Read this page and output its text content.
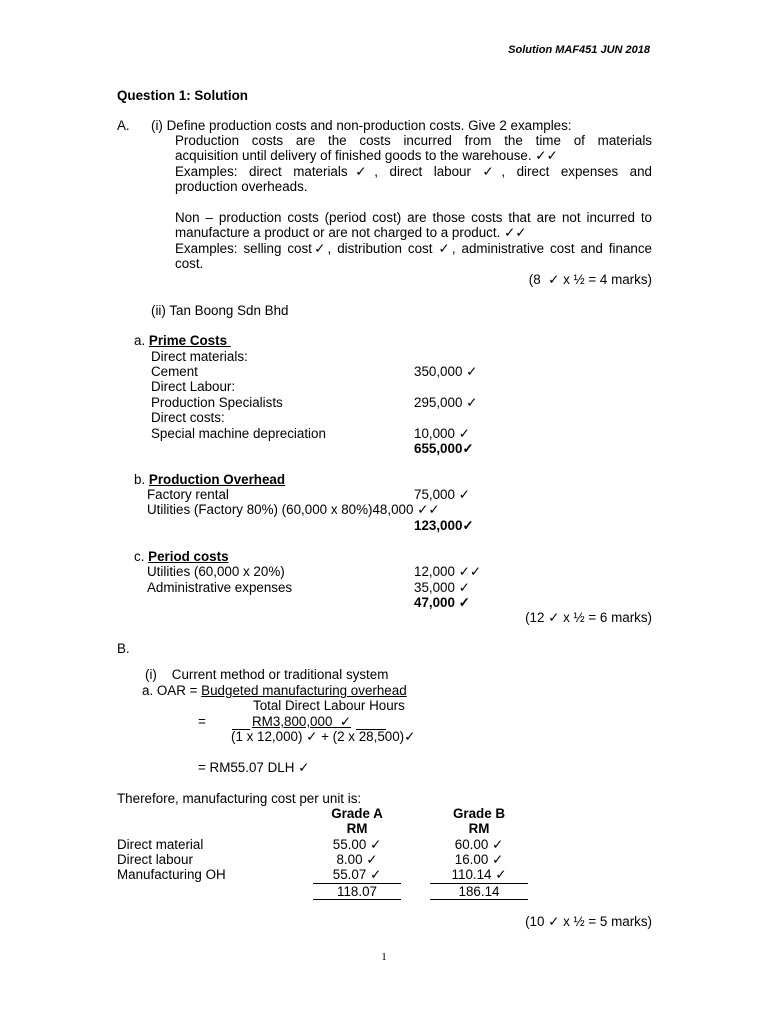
Solution MAF451 JUN 2018
Question 1: Solution
A. (i) Define production costs and non-production costs. Give 2 examples:
Production costs are the costs incurred from the time of materials
acquisition until delivery of finished goods to the warehouse. ✓✓
Examples: direct materials✓, direct labour ✓, direct expenses and
production overheads.
Non – production costs (period cost) are those costs that are not incurred to
manufacture a product or are not charged to a product. ✓✓
Examples: selling cost✓, distribution cost ✓, administrative cost and finance
cost.
(8  ✓ x ½ = 4 marks)
(ii) Tan Boong Sdn Bhd
a. Prime Costs
Direct materials:
Cement	350,000 ✓
Direct Labour:
Production Specialists	295,000 ✓
Direct costs:
Special machine depreciation	10,000 ✓
655,000✓
b. Production Overhead
Factory rental	75,000 ✓
Utilities (Factory 80%) (60,000 x 80%)48,000 ✓✓
123,000✓
c. Period costs
Utilities (60,000 x 20%)	12,000 ✓✓
Administrative expenses	35,000 ✓
47,000 ✓
(12 ✓ x ½ = 6 marks)
B.
(i)    Current method or traditional system
a. OAR = Budgeted manufacturing overhead
Total Direct Labour Hours
=	RM3,800,000  ✓
(1 x 12,000) ✓ + (2 x 28,500)✓
= RM55.07 DLH ✓
Therefore, manufacturing cost per unit is:
Grade A	Grade B
RM	RM
Direct material	55.00 ✓	60.00 ✓
Direct labour	8.00 ✓	16.00 ✓
Manufacturing OH	55.07 ✓	110.14 ✓
118.07	186.14
(10 ✓ x ½ = 5 marks)
1
